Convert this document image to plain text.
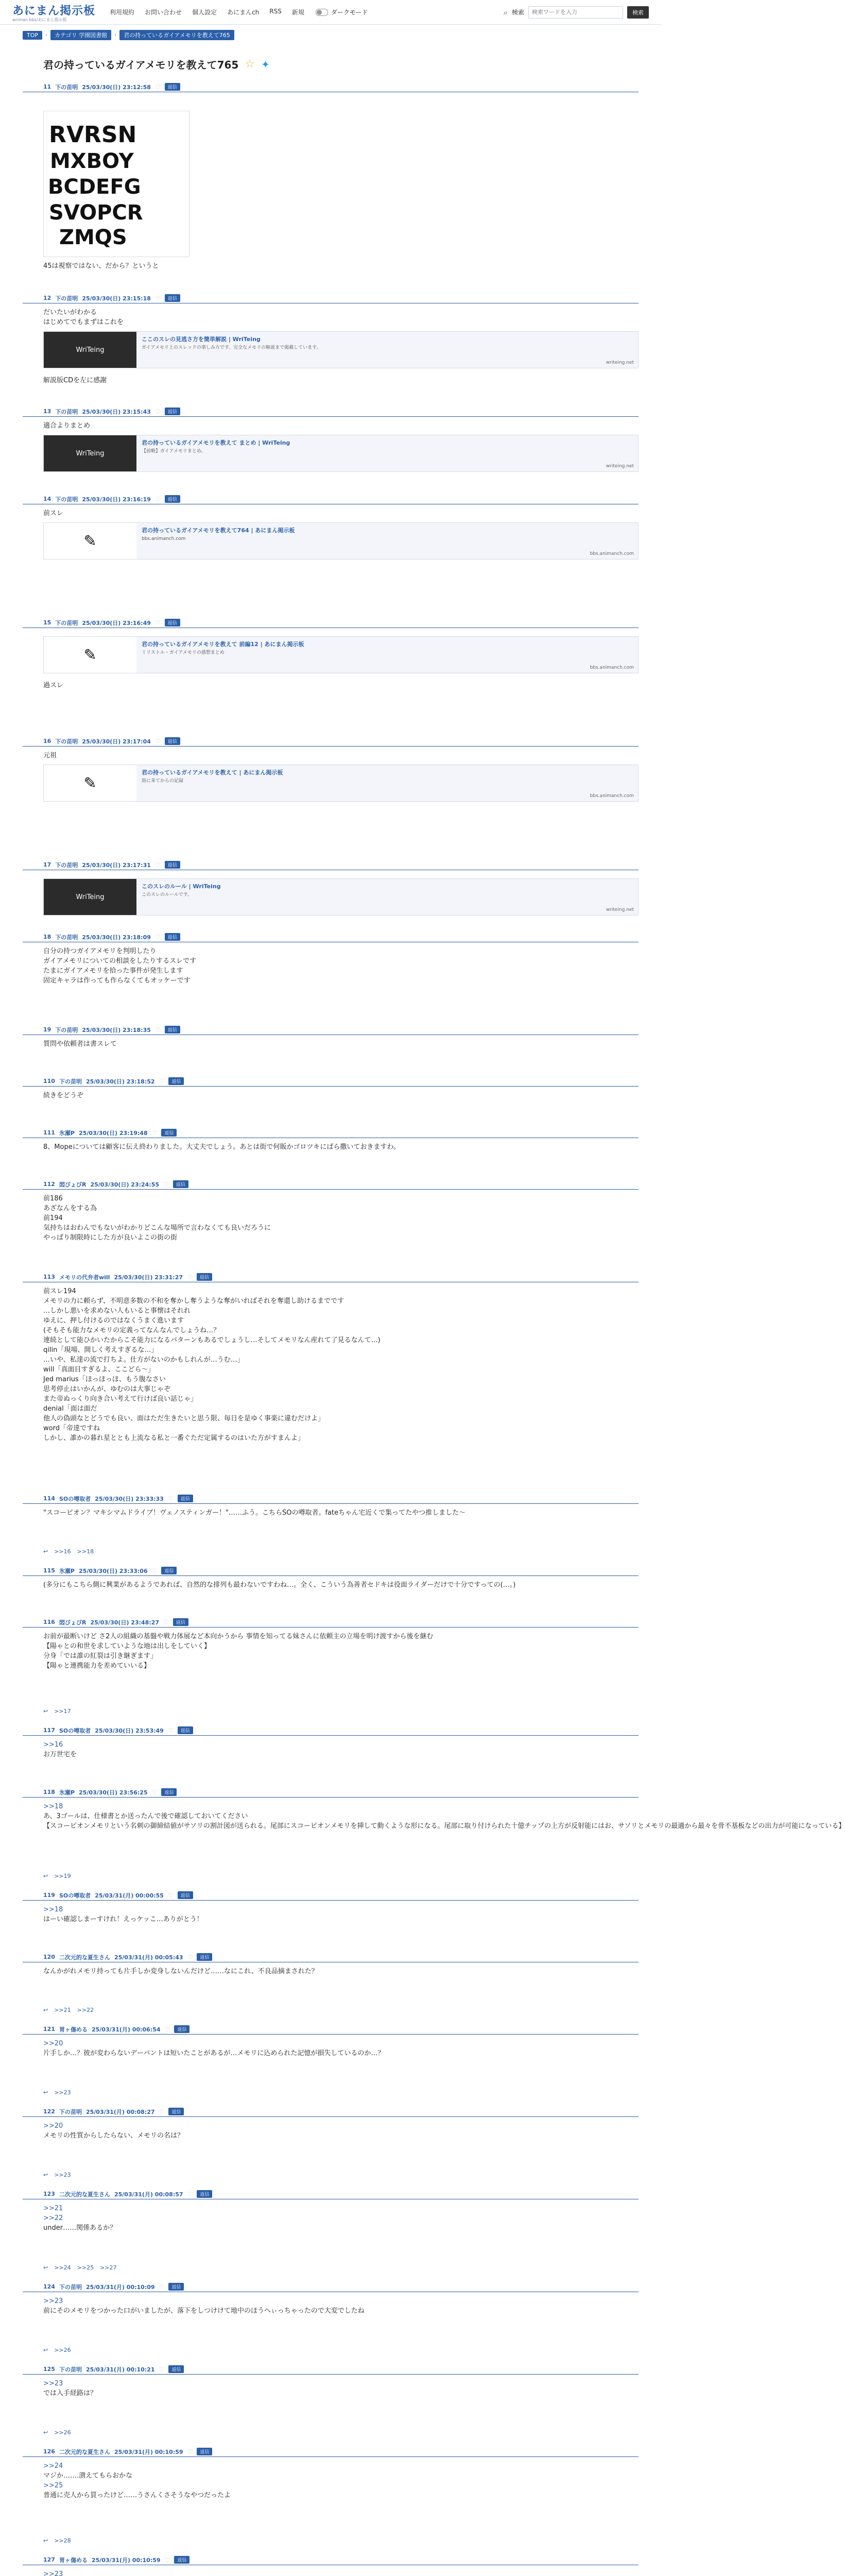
あにまん掲示板
animan bbs/あにまん掲示板
利用規約 お問い合わせ 個人設定 あにまんch RSS 新規	ダークモード	⌕ 検索
検索ワードを入力	検索
TOP	›	カテゴリ 学園図書館	›	君の持っているガイアメモリを教えて765
君の持っているガイアメモリを教えて765 ☆ ✦
11 下の苗明 25/03/30(日) 23:12:58 ♡	返信
RVRSN
MXBOY
BCDEFG
SVOPCR
ZMQS
45は視察ではない、だから？というと
12 下の苗明 25/03/30(日) 23:15:18 ♡	返信
だいたいがわかる
はじめてでもまずはこれを
WriTeing
ここのスレの見逃さ方を簡単解説 | WriTeing
ガイアメモリ上のスレッドの楽しみ方です。完全なメモリの解説まで掲載しています。
writeing.net
解説版CDを左に感謝
13 下の苗明 25/03/30(日) 23:15:43 ♡	返信
適合よりまとめ
WriTeing
君の持っているガイアメモリを教えて まとめ | WriTeing
【前略】ガイアメモリまとめ。
writeing.net
14 下の苗明 25/03/30(日) 23:16:19 ♡	返信
前スレ
✎
君の持っているガイアメモリを教えて764 | あにまん掲示板
bbs.animanch.com
bbs.animanch.com
15 下の苗明 25/03/30(日) 23:16:49 ♡	返信
✎
君の持っているガイアメモリを教えて 前編12 | あにまん掲示板
ミリストル・ガイアメモリの感想まとめ
bbs.animanch.com
過スレ
16 下の苗明 25/03/30(日) 23:17:04 ♡	返信
元祖
✎
君の持っているガイアメモリを教えて | あにまん掲示板
街に来てからの記録
bbs.animanch.com
17 下の苗明 25/03/30(日) 23:17:31 ♡	返信
WriTeing
このスレのルール | WriTeing
このスレのルールです。
writeing.net
18 下の苗明 25/03/30(日) 23:18:09 ♡	返信
自分の持つガイアメモリを判明したり
ガイアメモリについての相談をしたりするスレです
たまにガイアメモリを拾った事件が発生します
固定キャラは作っても作らなくてもオッケーです
19 下の苗明 25/03/30(日) 23:18:35 ♡	返信
質問や依頼者は書スレて
110 下の苗明 25/03/30(日) 23:18:52 ♡	返信
続きをどうぞ
111 氷瀬P 25/03/30(日) 23:19:48 ♡	返信
8、Mopeについては顧客に伝え終わりました。大丈夫でしょう。あとは街で何販かゴロツキにばら撒いておきますわ。
112 悶びょびR 25/03/30(日) 23:24:55 ♡	返信
前186
あざなんをする為
前194
気持ちはおわんでもないがわかりどこんな場所で言わなくても良いだろうに
やっぱり制限時にした方が良いよこの街の街
113 メモリの代弁者will 25/03/30(日) 23:31:27 ♡	返信
前スレ194
メモリの力に頼らず、不明意多数の不和を奪かし奪うような奪がいればそれを奪還し助けるまでです
…しかし悪いを求めない人もいると事懐はそれれ
ゆえに、押し付けるのではなくうまく進います
(そもそも能力なメモリの定義ってなんなんでしょうね…？
連続として能ひかいたからこそ能力になるパターンもあるでしょうし…そしてメモリなん産れて了見るなんて…)
qilin「現場、開しく考えすぎるな…」
…いや、私達の流で打ちよ。仕方がないのかもしれんが…うむ…」
will「真面目すぎるよ、ここどら～」
Jed marius「ほっほっほ、もう腹なさい
思考停止はいかんが、ゆむのは大事じゃぞ
また帝ぬっくり向き合い考えて行けば良い話じゃ」
denial「面は面だ
他人の偽頭なとどうでも良い、面はただ生きたいと思う限、毎日を是ゆく事楽に違むだけよ」
word「帝達ですね
しかし、誰かの暮れ星ととも上流なる私と一番ぐただ定属するのはいた方がすまんよ」
114 SOの噂取者 25/03/30(日) 23:33:33 ♡	返信
"スコーピオン？マキシマムドライブ！ヴェノスティンガー！"……ふう。こちらSOの噂取者。fateちゃん宅近くで集ってたやつ推しました～
↩ >>16 >>18
115 氷瀬P 25/03/30(日) 23:33:06 ♡	返信
(多分にもこちら側に興業があるようであれば、自然的な排列も最わないですわね…。全く、こういう為善者セドキは役面ライダーだけで十分ですっての(…。)
116 悶びょびR 25/03/30(日) 23:48:27 ♡	返信
お前が最断いけど さ2人の組織の基盤や戦力体展など本向かうから 事情を知ってる妹さんに依頼主の立場を明け渡すから後を継む
【陽ゃとの和世を求していような地は出しをしていく】
分身「では誰の紅裂は引き継ぎます」
【陽ゃと連携能力を差めていいる】
↩ >>17
117 SOの噂取者 25/03/30(日) 23:53:49 ♡	返信
>>16
お万世宅を
118 氷瀬P 25/03/30(日) 23:56:25 ♡	返信
>>18
あ、3ゴールは、仕様書とか送ったんで後で確認しておいてください
【スコーピオンメモリという名刺の御締結値がサソリの割計図が送られる。尾部にスコーピオンメモリを挿して動くような形になる。尾部に取り付けられた十億チップの上方が反射能にはお、サソリとメモリの最適から最々を骨不基板などの出力が可能になっている】
↩ >>19
119 SOの噂取者 25/03/31(月) 00:00:55 ♡	返信
>>18
はーい確認しまーすけれ！えっケッこ…ありがとう！
120 二次元的な夏生さん 25/03/31(月) 00:05:43 ♡	返信
なんかがれメモリ持っても片手しか変身しないんだけど……なにこれ、不良品摘まされた？
↩ >>21 >>22
121 胃ヶ傷める 25/03/31(月) 00:06:54 ♡	返信
>>20
片手しか…？彼が変わらないデーバントは短いたことがあるが…メモリに込められた記憶が損失しているのか…？
↩ >>23
122 下の苗明 25/03/31(月) 00:08:27 ♡	返信
>>20
メモリの性質からしたらない、メモリの名は？
↩ >>23
123 二次元的な夏生さん 25/03/31(月) 00:08:57 ♡	返信
>>21
>>22
under……関係あるか？
↩ >>24 >>25 >>27
124 下の苗明 25/03/31(月) 00:10:09 ♡	返信
>>23
前にそのメモリをつかった口がいましたが、落下をしつけけて地中のほうへぃっちゃったので大変でしたね
↩ >>26
125 下の苗明 25/03/31(月) 00:10:21 ♡	返信
>>23
では入手経路は？
↩ >>26
126 二次元的な夏生さん 25/03/31(月) 00:10:59 ♡	返信
>>24
マジか…….潰えてもらおかな
>>25
普通に売人から買ったけど……うさんくさそうなやつだったよ
↩ >>28
127 胃ヶ傷める 25/03/31(月) 00:10:59 ♡	返信
>>23
